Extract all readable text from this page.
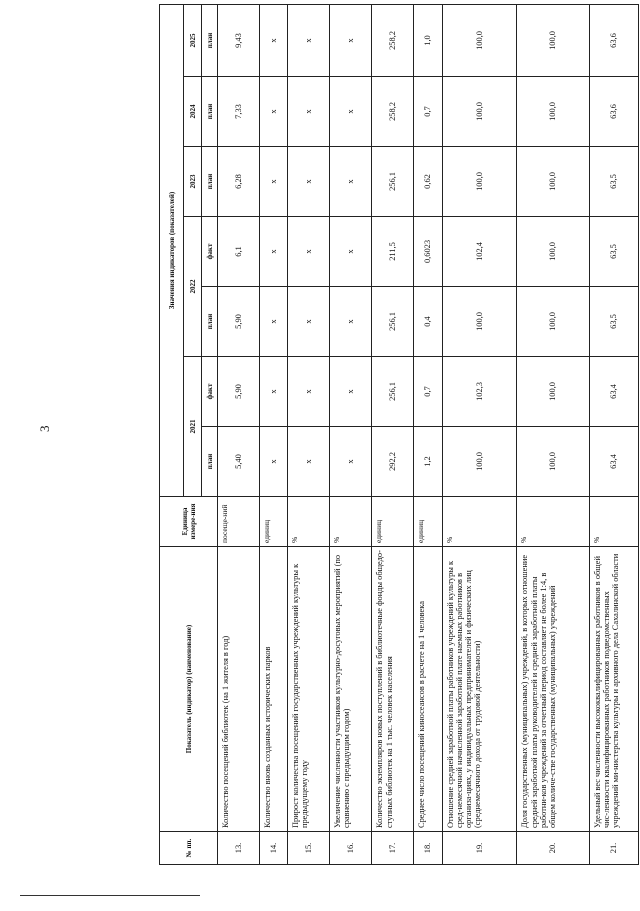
3
№ пп.	Показатель (индикатор) (наименование)	Единица измере-ния	Значения индикаторов (показателей)						
			2021		2022		2023	2024	2025
			план	факт	план	факт	план	план	план
13.	Количество посещений библиотек (на 1 жителя в год)	посеще-ний	5,40	5,90	5,90	6,1	6,28	7,33	9,43
14.	Количество вновь созданных исторических парков	единиц	х	х	х	х	х	х	х
15.	Прирост количества посещений государственных учреждений культуры к предыдущему году	%	х	х	х	х	х	х	х
16.	Увеличение численности участников культурно-досуговых мероприятий (по сравнению с предыдущим годом)	%	х	х	х	х	х	х	х
17.	Количество экземпляров новых поступлений в библиотечные фонды общедо-ступных библиотек на 1 тыс. человек населения	единиц	292,2	256,1	256,1	211,5	256,1	258,2	258,2
18.	Среднее число посещений киносеансов в расчете на 1 человека	единиц	1,2	0,7	0,4	0,6023	0,62	0,7	1,0
19.	Отношение средней заработной платы работников учреждений культуры к сред-немесячной начисленной заработной плате наемных работников в организа-циях, у индивидуальных предпринимателей и физических лиц (среднемесячного дохода от трудовой деятельности)	%	100,0	102,3	100,0	102,4	100,0	100,0	100,0
20.	Доля государственных (муниципальных) учреждений, в которых отношение средней заработной платы руководителей и средней заработной платы работни-ков учреждений за отчетный период составляет не более 1:4, в общем количе-стве государственных (муниципальных) учреждений	%	100,0	100,0	100,0	100,0	100,0	100,0	100,0
21.	Удельный вес численности высококвалифицированных работников в общей чис-ленности квалифицированных работников подведомственных учреждений ми-нистерства культуры и архивного дела Сахалинской области	%	63,4	63,4	63,5	63,5	63,5	63,6	63,6
